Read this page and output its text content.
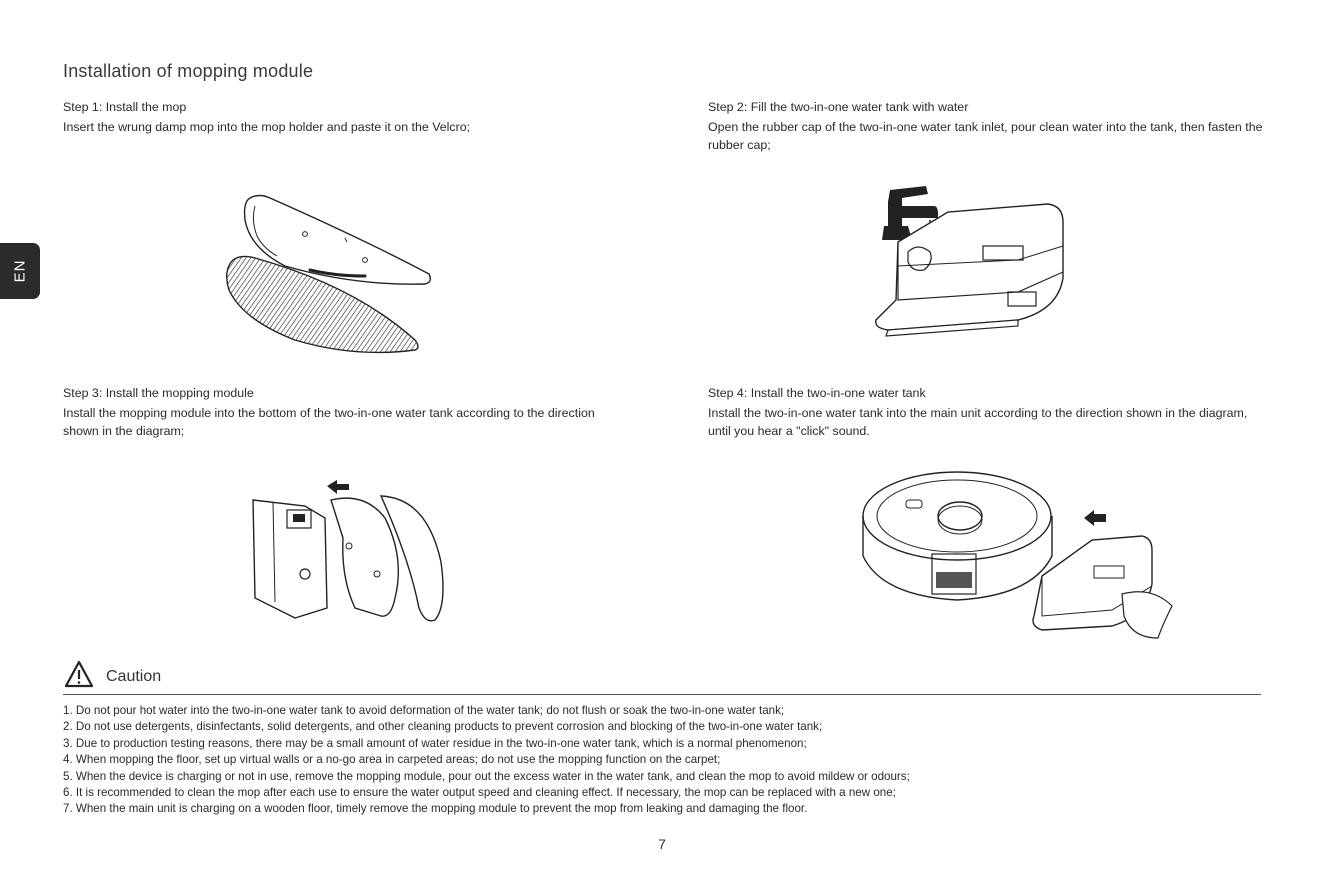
EN
Installation of mopping module
Step 1: Install the mop
Insert the wrung damp mop into the mop holder and paste it on the Velcro;
Step 2: Fill the two-in-one water tank with water
Open the rubber cap of the two-in-one water tank inlet, pour clean water into the tank, then fasten the rubber cap;
Step 3: Install the mopping module
Install the mopping module into the bottom of the two-in-one water tank according to the direction shown in the diagram;
Step 4: Install the two-in-one water tank
Install the two-in-one water tank into the main unit according to the direction shown in the diagram, until you hear a "click" sound.
Caution
1. Do not pour hot water into the two-in-one water tank to avoid deformation of the water tank; do not flush or soak the two-in-one water tank;
2. Do not use detergents, disinfectants, solid detergents, and other cleaning products to prevent corrosion and blocking of the two-in-one water tank;
3. Due to production testing reasons, there may be a small amount of water residue in the two-in-one water tank, which is a normal phenomenon;
4. When mopping the floor, set up virtual walls or a no-go area in carpeted areas; do not use the mopping function on the carpet;
5. When the device is charging or not in use, remove the mopping module, pour out the excess water in the water tank, and clean the mop to avoid mildew or odours;
6. It is recommended to clean the mop after each use to ensure the water output speed and cleaning effect. If necessary, the mop can be replaced with a new one;
7. When the main unit is charging on a wooden floor, timely remove the mopping module to prevent the mop from leaking and damaging the floor.
7
